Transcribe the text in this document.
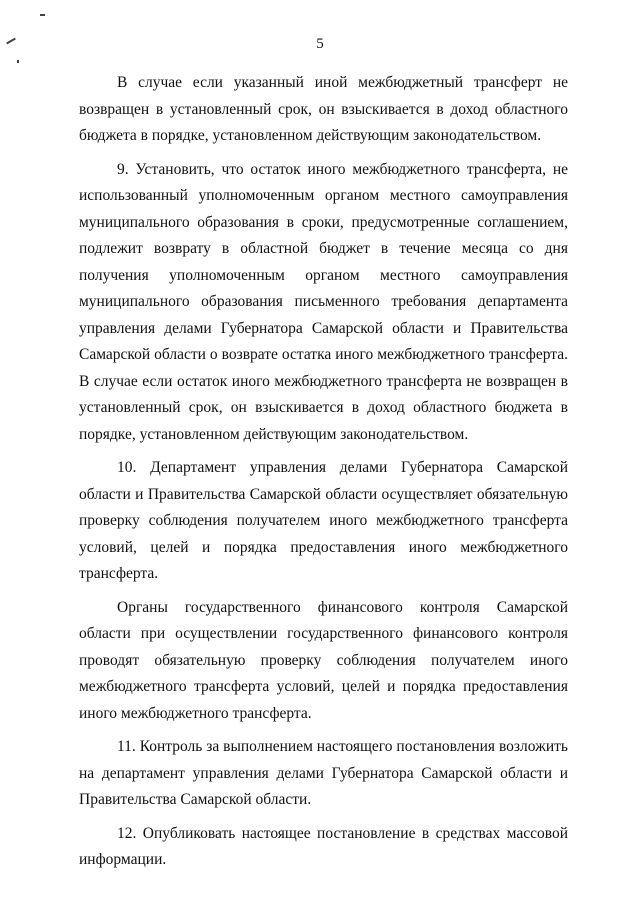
5

В случае если указанный иной межбюджетный трансферт не возвращен в установленный срок, он взыскивается в доход областного бюджета в порядке, установленном действующим законодательством.

9. Установить, что остаток иного межбюджетного трансферта, не использованный уполномоченным органом местного самоуправления муниципального образования в сроки, предусмотренные соглашением, подлежит возврату в областной бюджет в течение месяца со дня получения уполномоченным органом местного самоуправления муниципального образования письменного требования департамента управления делами Губернатора Самарской области и Правительства Самарской области о возврате остатка иного межбюджетного трансферта. В случае если остаток иного межбюджетного трансферта не возвращен в установленный срок, он взыскивается в доход областного бюджета в порядке, установленном действующим законодательством.

10. Департамент управления делами Губернатора Самарской области и Правительства Самарской области осуществляет обязательную проверку соблюдения получателем иного межбюджетного трансферта условий, целей и порядка предоставления иного межбюджетного трансферта.

Органы государственного финансового контроля Самарской области при осуществлении государственного финансового контроля проводят обязательную проверку соблюдения получателем иного межбюджетного трансферта условий, целей и порядка предоставления иного межбюджетного трансферта.

11. Контроль за выполнением настоящего постановления возложить на департамент управления делами Губернатора Самарской области и Правительства Самарской области.

12. Опубликовать настоящее постановление в средствах массовой информации.
